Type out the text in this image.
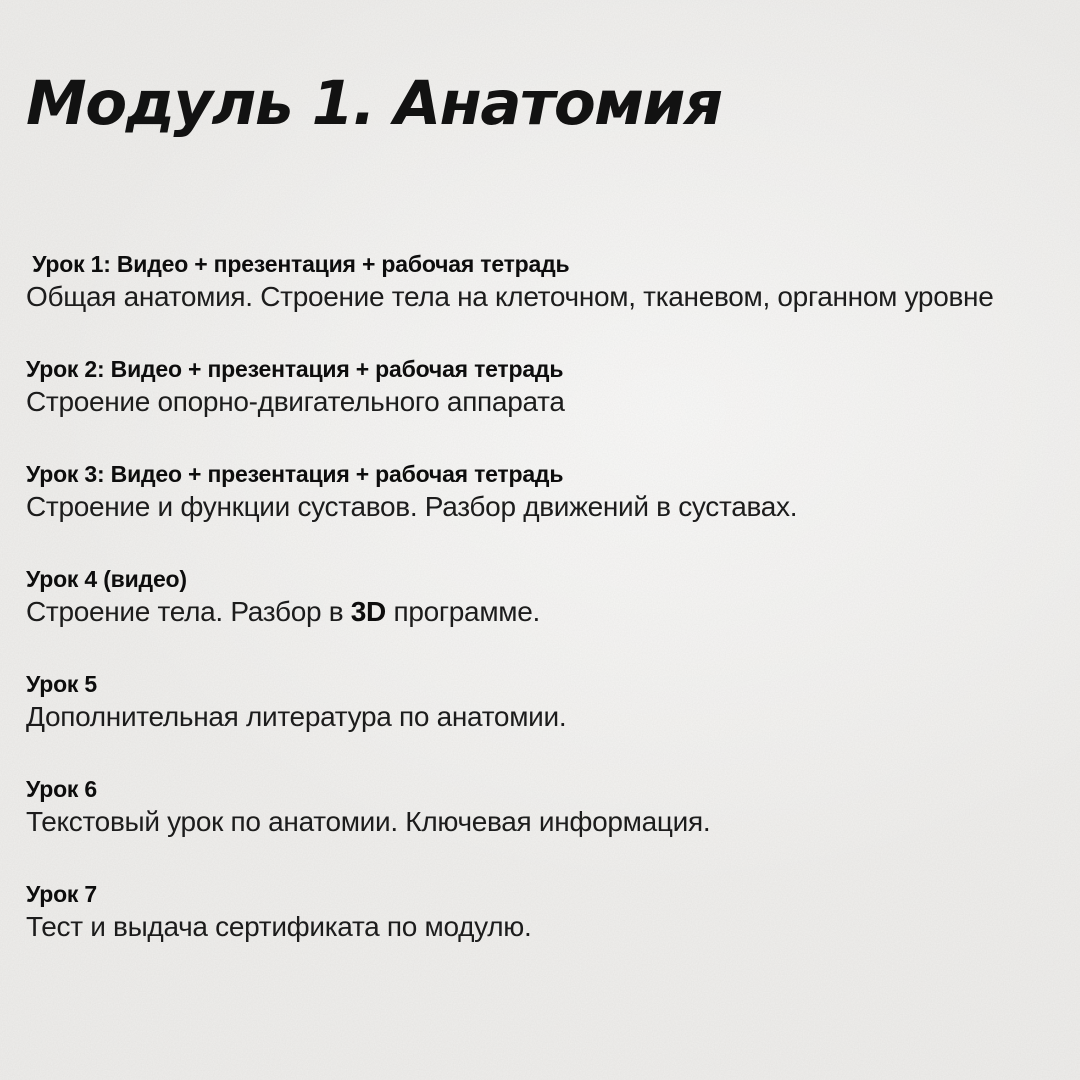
Модуль 1. Анатомия
Урок 1: Видео + презентация + рабочая тетрадь

Общая анатомия. Строение тела на клеточном, тканевом, органном уровне

Урок 2: Видео + презентация + рабочая тетрадь

Строение опорно-двигательного аппарата

Урок 3: Видео + презентация + рабочая тетрадь

Строение и функции суставов. Разбор движений в суставах.

Урок 4 (видео)

Строение тела. Разбор в 3D программе.

Урок 5

Дополнительная литература по анатомии.

Урок 6

Текстовый урок по анатомии. Ключевая информация.

Урок 7

Тест и выдача сертификата по модулю.
